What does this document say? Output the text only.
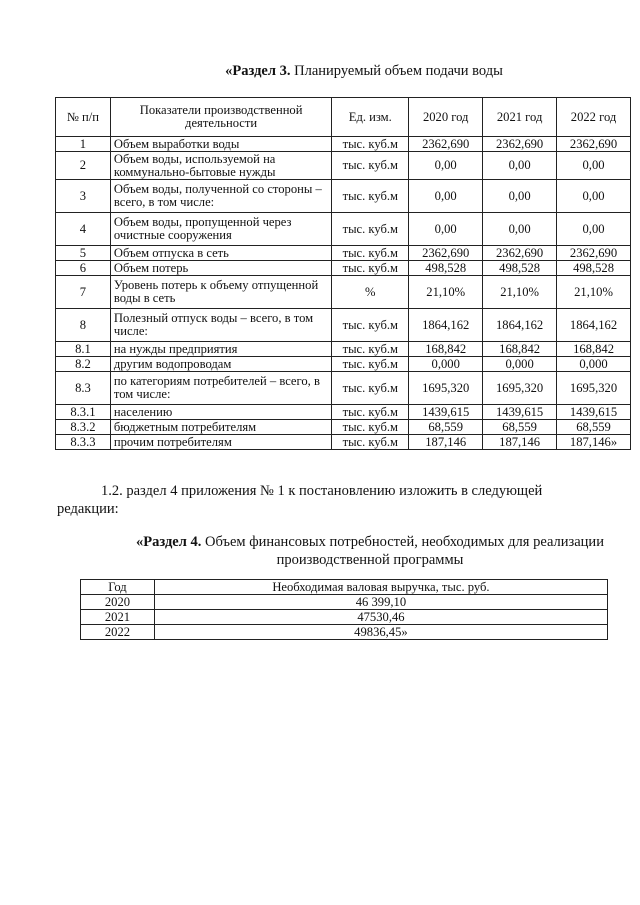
«Раздел 3. Планируемый объем подачи воды
№ п/п	Показатели производственной деятельности	Ед. изм.	2020 год	2021 год	2022 год
1	Объем выработки воды	тыс. куб.м	2362,690	2362,690	2362,690
2	Объем воды, используемой на коммунально-бытовые нужды	тыс. куб.м	0,00	0,00	0,00
3	Объем воды, полученной со стороны – всего, в том числе:	тыс. куб.м	0,00	0,00	0,00
4	Объем воды, пропущенной через очистные сооружения	тыс. куб.м	0,00	0,00	0,00
5	Объем отпуска в сеть	тыс. куб.м	2362,690	2362,690	2362,690
6	Объем потерь	тыс. куб.м	498,528	498,528	498,528
7	Уровень потерь к объему отпущенной воды в сеть	%	21,10%	21,10%	21,10%
8	Полезный отпуск воды – всего, в том числе:	тыс. куб.м	1864,162	1864,162	1864,162
8.1	на нужды предприятия	тыс. куб.м	168,842	168,842	168,842
8.2	другим водопроводам	тыс. куб.м	0,000	0,000	0,000
8.3	по категориям потребителей – всего, в том числе:	тыс. куб.м	1695,320	1695,320	1695,320
8.3.1	населению	тыс. куб.м	1439,615	1439,615	1439,615
8.3.2	бюджетным потребителям	тыс. куб.м	68,559	68,559	68,559
8.3.3	прочим потребителям	тыс. куб.м	187,146	187,146	187,146»
1.2. раздел 4 приложения № 1 к постановлению изложить в следующей редакции:
«Раздел 4. Объем финансовых потребностей, необходимых для реализации производственной программы
Год	Необходимая валовая выручка, тыс. руб.
2020	46 399,10
2021	47530,46
2022	49836,45»
